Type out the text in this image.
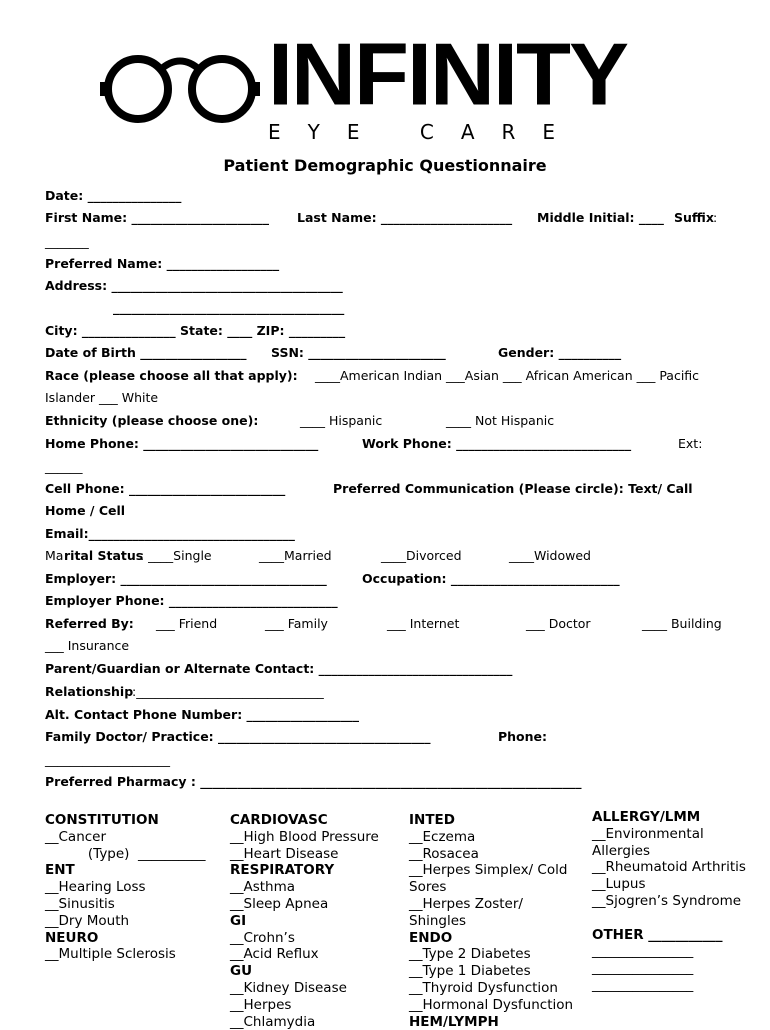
INFINITY
EYE CARE
Patient Demographic Questionnaire
Date: _______________
First Name: ______________________ Last Name: _____________________ Middle Initial: ____ Suffix :
_______
Preferred Name: __________________
Address: _____________________________________
_____________________________________
City: _______________ State: ____ ZIP: _________
Date of Birth _________________ SSN: ______________________	Gender: __________
Race (please choose all that apply): ____American Indian ___Asian ___ African American ___ Pacific
Islander ___ White
Ethnicity (please choose one):	____ Hispanic	____ Not Hispanic
Home Phone: ____________________________	Work Phone: ____________________________	Ext:
______
Cell Phone: _________________________	Preferred Communication (Please circle): Text/ Call
Home / Cell
Email:_________________________________
Ma rital Status
: ____Single	____Married	____Divorced	____Widowed
Employer: _________________________________	Occupation: ___________________________
Employer Phone: ___________________________
Referred By: ___ Friend	___ Family	___ Internet	___ Doctor	____ Building
___ Insurance
Parent/Guardian or Alternate Contact: _______________________________
Relationship
:______________________________
Alt. Contact Phone Number: __________________
Family Doctor/ Practice: __________________________________	Phone:
____________________
Preferred Pharmacy : _____________________________________________________________
CONSTITUTION
__Cancer
(Type)  __________
ENT
__Hearing Loss
__Sinusitis
__Dry Mouth
NEURO
__Multiple Sclerosis
CARDIOVASC
__High Blood Pressure
__Heart Disease
RESPIRATORY
__Asthma
__Sleep Apnea
GI
__Crohn’s
__Acid Reflux
GU
__Kidney Disease
__Herpes
__Chlamydia
INTED
__Eczema
__Rosacea
__Herpes Simplex/ Cold
Sores
__Herpes Zoster/
Shingles
ENDO
__Type 2 Diabetes
__Type 1 Diabetes
__Thyroid Dysfunction
__Hormonal Dysfunction
HEM/LYMPH
ALLERGY/LMM
__Environmental
Allergies
__Rheumatoid Arthritis
__Lupus
__Sjogren’s Syndrome

OTHER ___________
_______________
_______________
_______________
